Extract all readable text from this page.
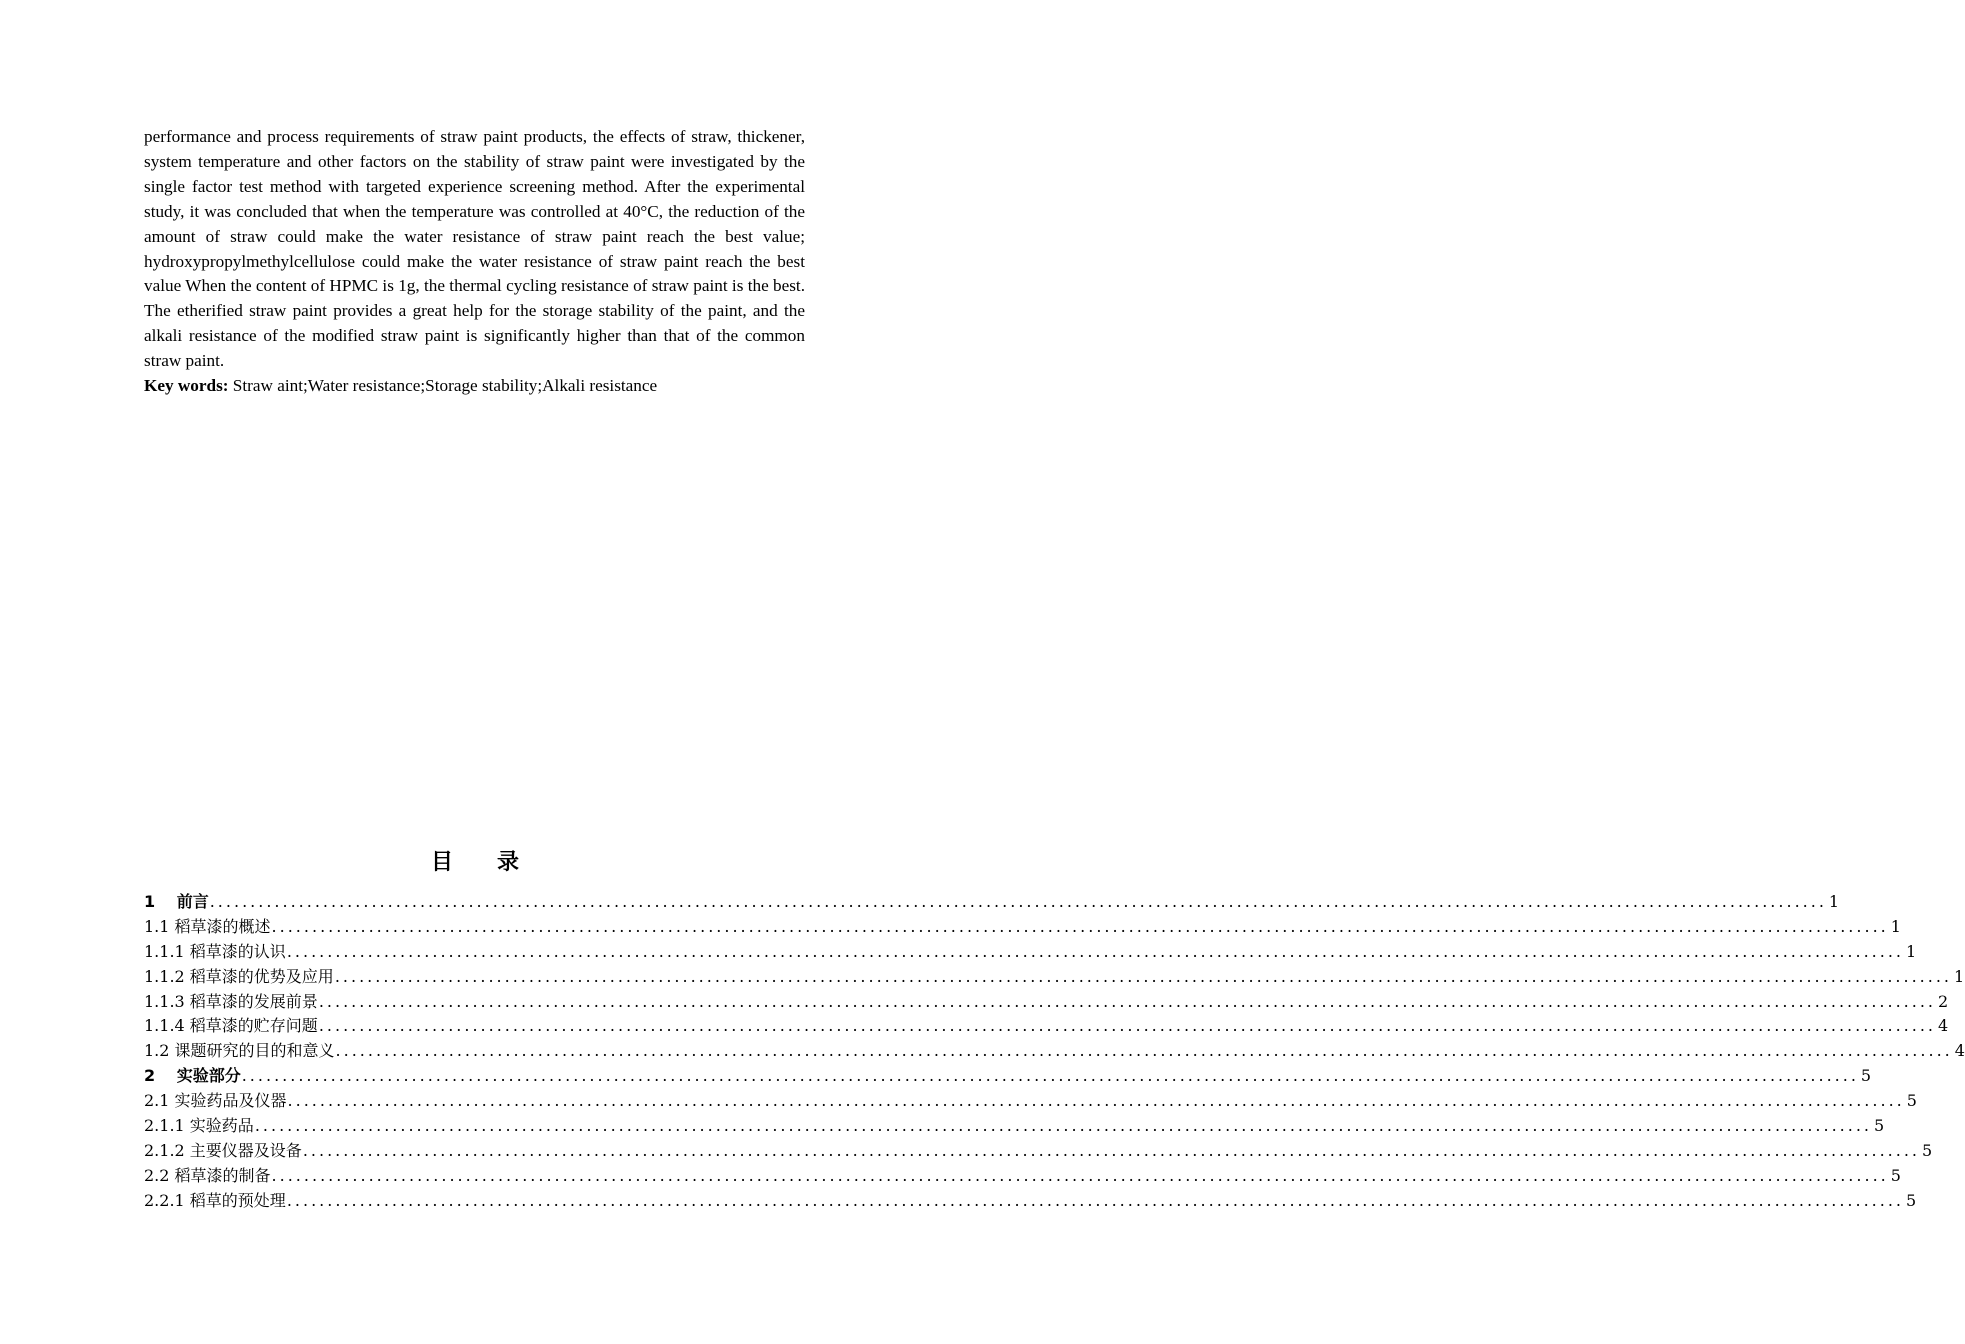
performance and process requirements of straw paint products, the effects of straw, thickener, system temperature and other factors on the stability of straw paint were investigated by the single factor test method with targeted experience screening method. After the experimental study, it was concluded that when the temperature was controlled at 40°C, the reduction of the amount of straw could make the water resistance of straw paint reach the best value; hydroxypropylmethylcellulose could make the water resistance of straw paint reach the best value When the content of HPMC is 1g, the thermal cycling resistance of straw paint is the best. The etherified straw paint provides a great help for the storage stability of the paint, and the alkali resistance of the modified straw paint is significantly higher than that of the common straw paint.

Key words: Straw aint;Water resistance;Storage stability;Alkali resistance

目录
1　 前言 ........................................................................................................................................................................................................ 1
1.1 稻草漆的概述 ........................................................................................................................................................................................................ 1
1.1.1 稻草漆的认识 ........................................................................................................................................................................................................ 1
1.1.2 稻草漆的优势及应用 ........................................................................................................................................................................................................ 1
1.1.3 稻草漆的发展前景 ........................................................................................................................................................................................................ 2
1.1.4 稻草漆的贮存问题 ........................................................................................................................................................................................................ 4
1.2 课题研究的目的和意义 ........................................................................................................................................................................................................ 4
2　 实验部分 ........................................................................................................................................................................................................ 5
2.1 实验药品及仪器 ........................................................................................................................................................................................................ 5
2.1.1 实验药品 ........................................................................................................................................................................................................ 5
2.1.2 主要仪器及设备 ........................................................................................................................................................................................................ 5
2.2 稻草漆的制备 ........................................................................................................................................................................................................ 5
2.2.1 稻草的预处理 ........................................................................................................................................................................................................ 5
